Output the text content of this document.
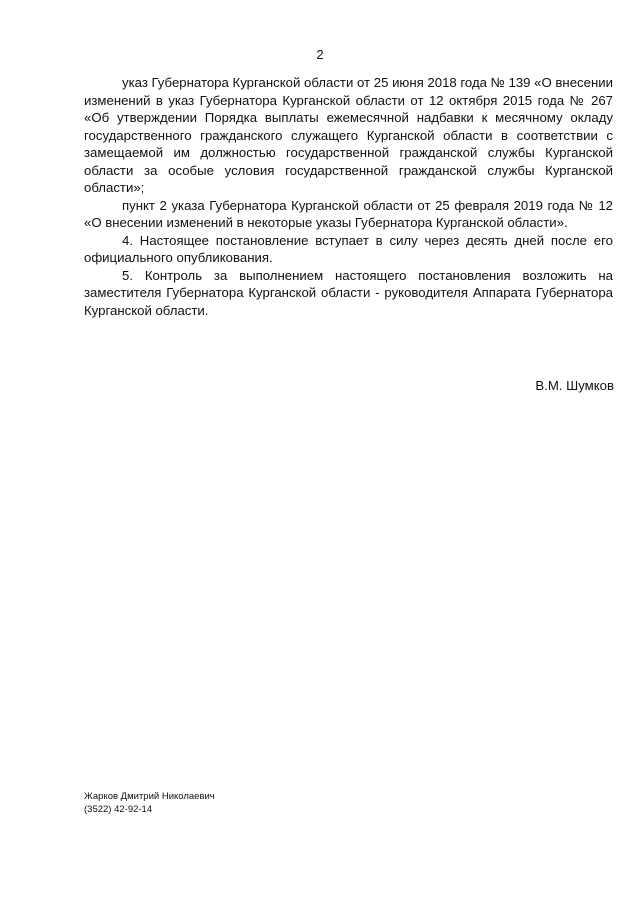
2

указ Губернатора Курганской области от 25 июня 2018 года № 139 «О внесении изменений в указ Губернатора Курганской области от 12 октября 2015 года № 267 «Об утверждении Порядка выплаты ежемесячной надбавки к месячному окладу государственного гражданского служащего Курганской области в соответствии с замещаемой им должностью государственной гражданской службы Курганской области за особые условия государственной гражданской службы Курганской области»;

пункт 2 указа Губернатора Курганской области от 25 февраля 2019 года № 12 «О внесении изменений в некоторые указы Губернатора Курганской области».

4. Настоящее постановление вступает в силу через десять дней после его официального опубликования.

5. Контроль за выполнением настоящего постановления возложить на заместителя Губернатора Курганской области - руководителя Аппарата Губернатора Курганской области.

В.М. Шумков
Жарков Дмитрий Николаевич
(3522) 42-92-14
